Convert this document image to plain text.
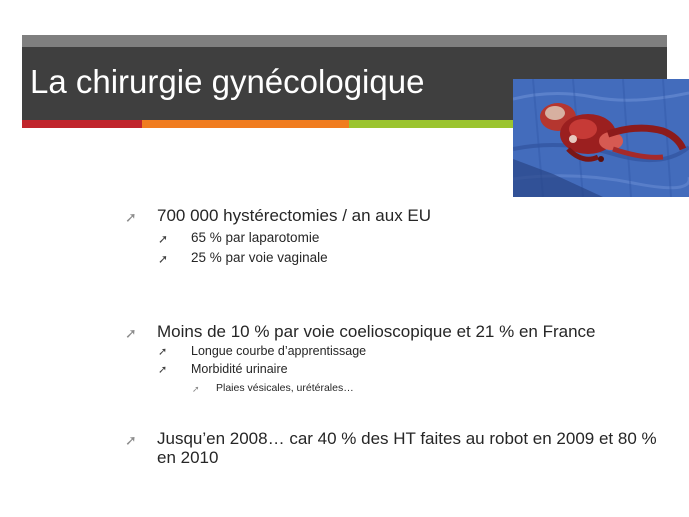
La chirurgie gynécologique
➚ 700 000 hystérectomies / an aux EU
➚ 65 % par laparotomie
➚ 25 % par voie vaginale
➚ Moins de 10 % par voie coelioscopique et 21 % en France
➚ Longue courbe d’apprentissage
➚ Morbidité urinaire
➚ Plaies vésicales, urétérales…
➚ Jusqu’en 2008… car 40 % des HT faites au robot en 2009 et 80 % en 2010
